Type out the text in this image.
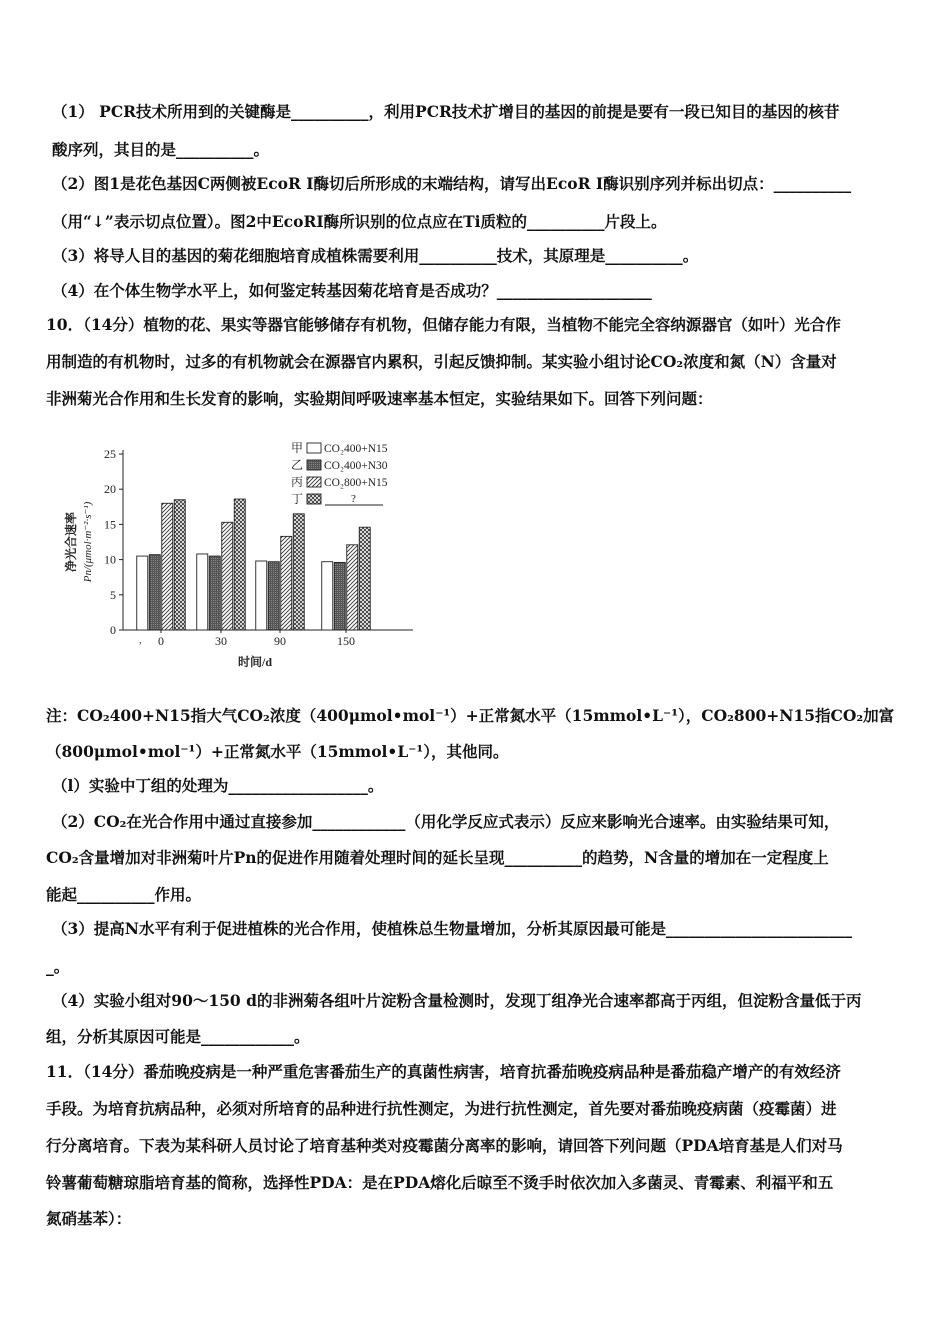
（1） PCR技术所用到的关键酶是__________，利用PCR技术扩增目的基因的前提是要有一段已知目的基因的核苷
酸序列，其目的是__________。
（2）图1是花色基因C两侧被EcoR I酶切后所形成的末端结构，请写出EcoR I酶识别序列并标出切点：__________
（用“↓”表示切点位置）。图2中EcoRI酶所识别的位点应在Ti质粒的__________片段上。
（3）将导人目的基因的菊花细胞培育成植株需要利用__________技术，其原理是__________。
（4）在个体生物学水平上，如何鉴定转基因菊花培育是否成功？____________________
10．（14分）植物的花、果实等器官能够储存有机物，但储存能力有限，当植物不能完全容纳源器官（如叶）光合作
用制造的有机物时，过多的有机物就会在源器官内累积，引起反馈抑制。某实验小组讨论CO₂浓度和氮（N）含量对
非洲菊光合作用和生长发育的影响，实验期间呼吸速率基本恒定，实验结果如下。回答下列问题：
注：CO₂400+N15指大气CO₂浓度（400μmol•mol⁻¹）+正常氮水平（15mmol•L⁻¹），CO₂800+N15指CO₂加富
（800μmol•mol⁻¹）+正常氮水平（15mmol•L⁻¹），其他同。
（l）实验中丁组的处理为__________________。
（2）CO₂在光合作用中通过直接参加____________（用化学反应式表示）反应来影响光合速率。由实验结果可知，
CO₂含量增加对非洲菊叶片Pn的促进作用随着处理时间的延长呈现__________的趋势，N含量的增加在一定程度上
能起__________作用。
（3）提高N水平有利于促进植株的光合作用，使植株总生物量增加，分析其原因最可能是________________________
_。
（4）实验小组对90～150 d的非洲菊各组叶片淀粉含量检测时，发现丁组净光合速率都高于丙组，但淀粉含量低于丙
组，分析其原因可能是____________。
11．（14分）番茄晚疫病是一种严重危害番茄生产的真菌性病害，培育抗番茄晚疫病品种是番茄稳产增产的有效经济
手段。为培育抗病品种，必须对所培育的品种进行抗性测定，为进行抗性测定，首先要对番茄晚疫病菌（疫霉菌）进
行分离培育。下表为某科研人员讨论了培育基种类对疫霉菌分离率的影响，请回答下列问题（PDA培育基是人们对马
铃薯葡萄糖琼脂培育基的简称，选择性PDA：是在PDA熔化后晾至不烫手时依次加入多菌灵、青霉素、利福平和五
氮硝基苯）：
0
5
10
15
20
25
净光合速率 Pn/(μmol·m⁻²·s⁻¹)
0	30	90	150
,
时间/d
甲 CO₂400+N15
乙 CO₂400+N30
丙 CO₂800+N15
丁	?
